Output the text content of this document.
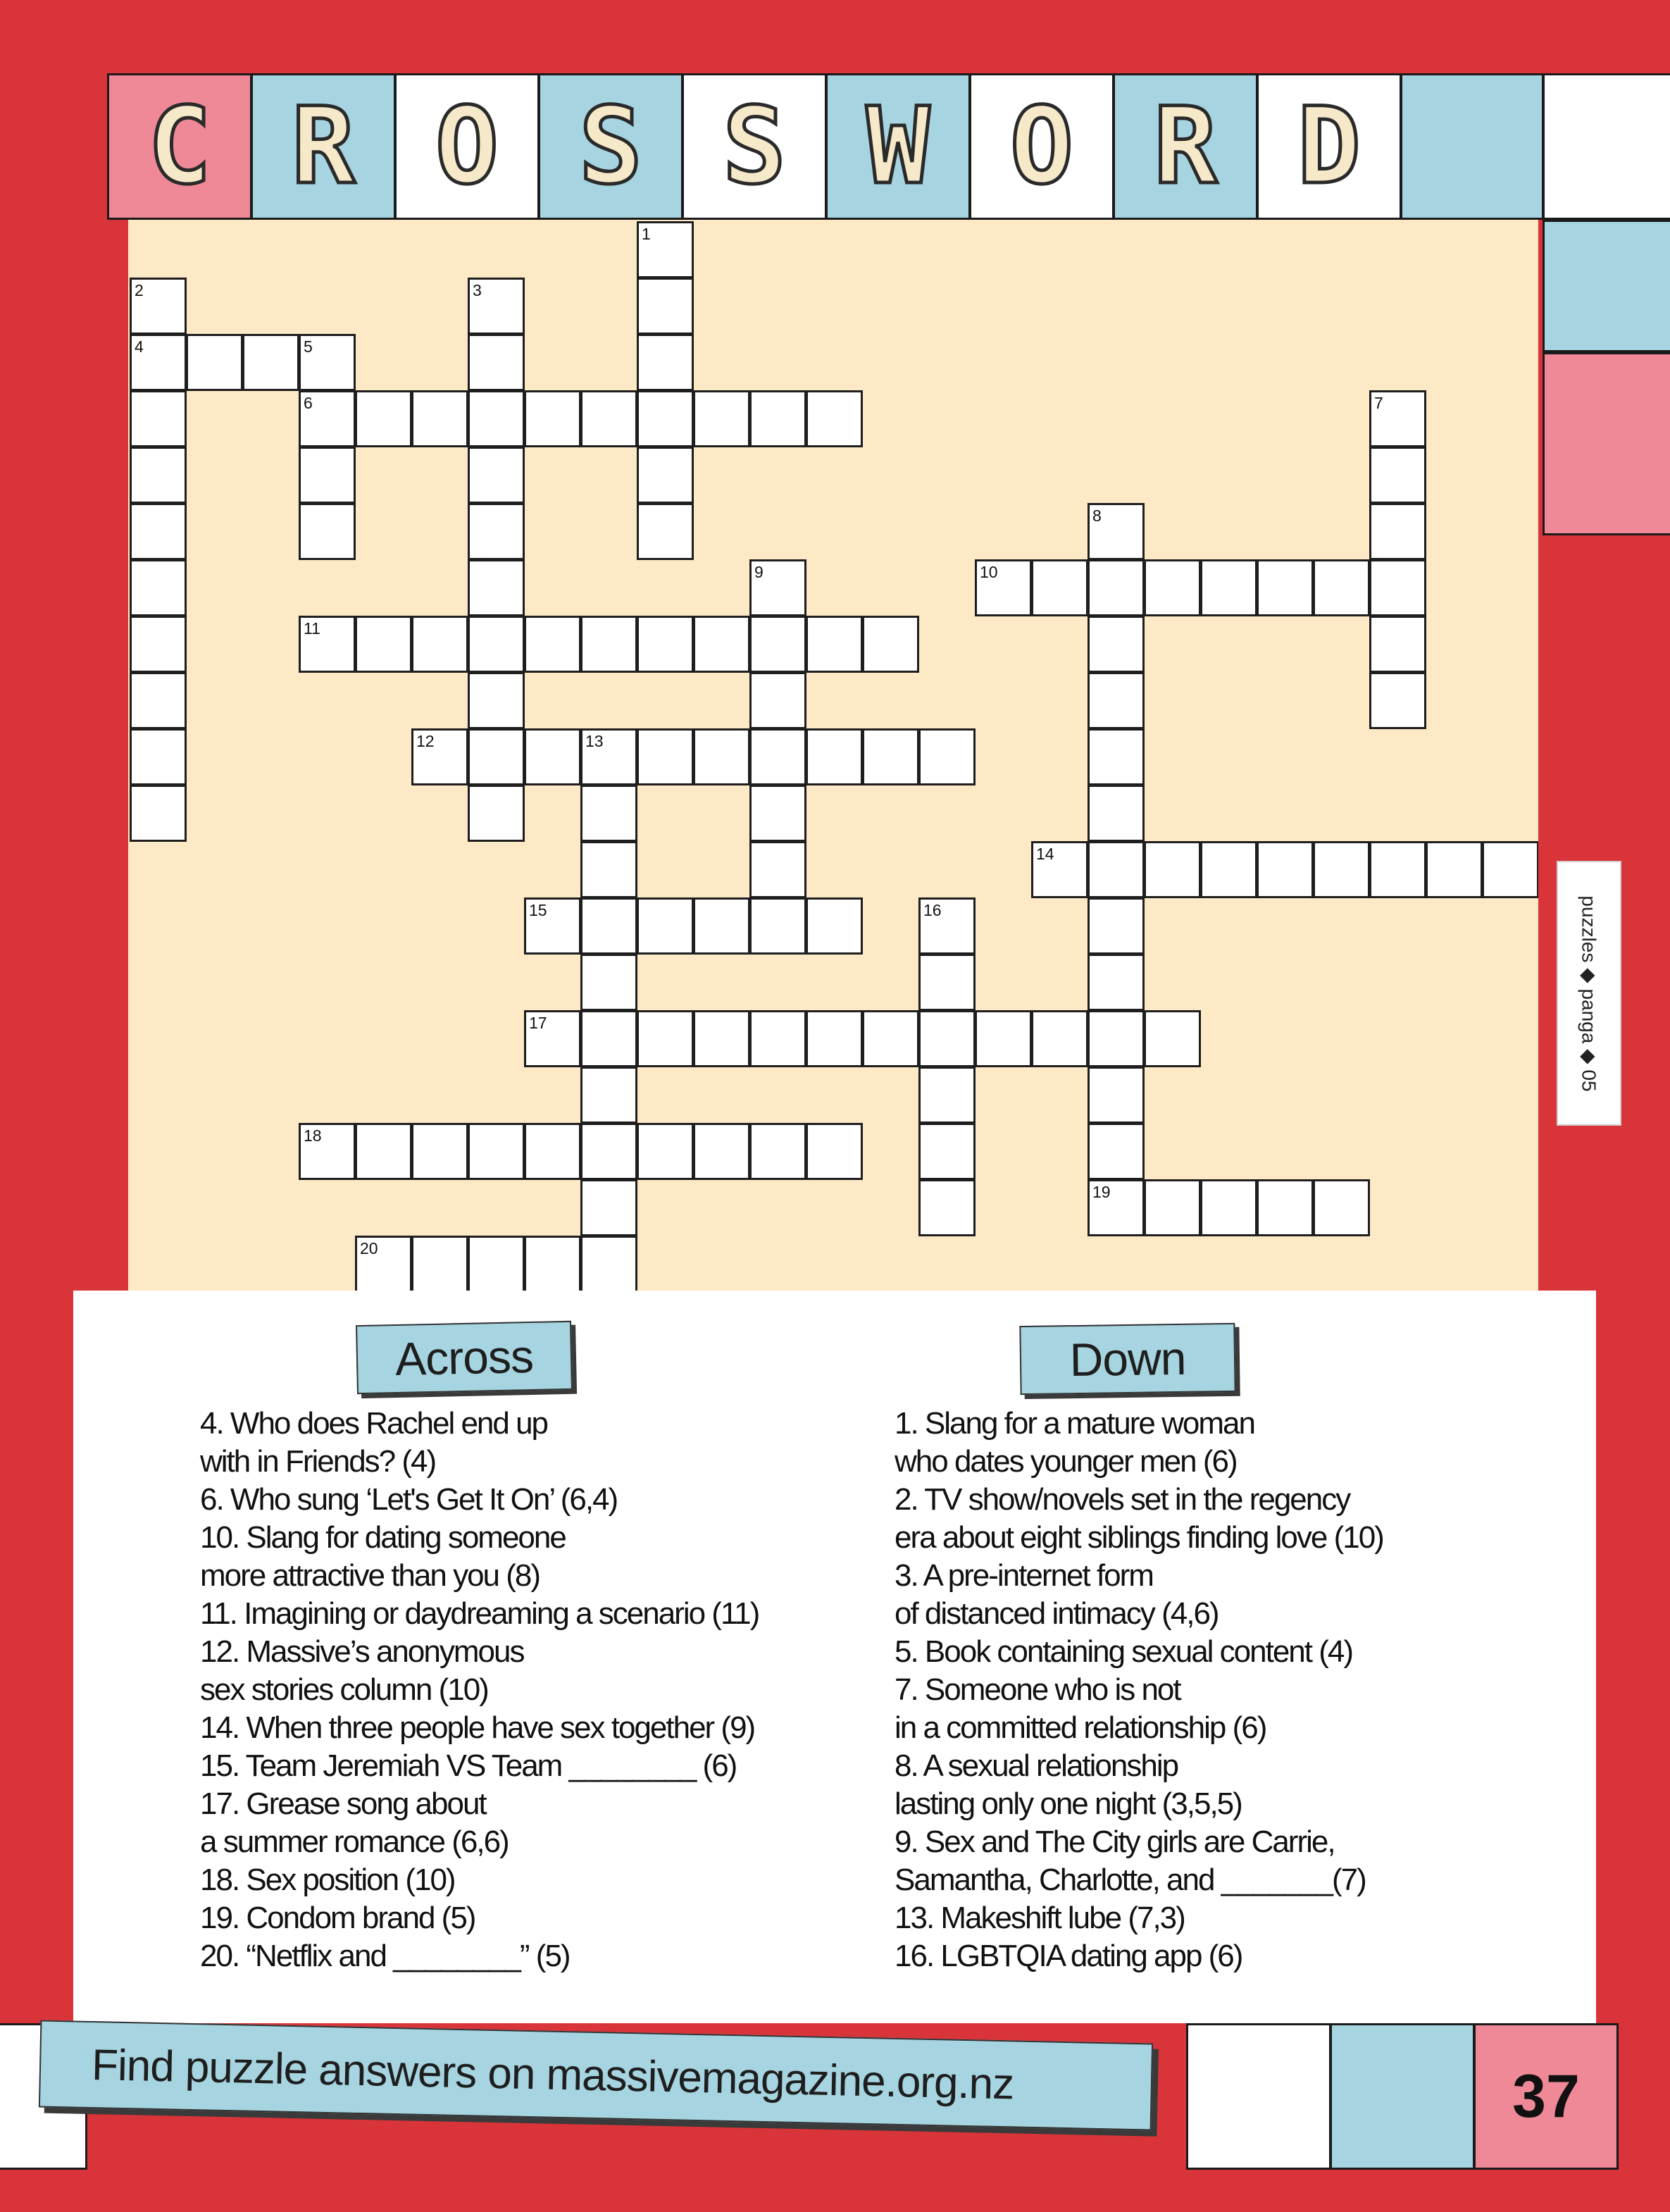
C R O S S W O R D
1
2	3
4	5
6	7
8
9	10
11
12	13
14
15	16
17
18
19
20
puzzles ◆ panga ◆ 05
Across	Down
4. Who does Rachel end up
with in Friends? (4)
6. Who sung ‘Let's Get It On’ (6,4)
10. Slang for dating someone
more attractive than you (8)
11. Imagining or daydreaming a scenario (11)
12. Massive’s anonymous
sex stories column (10)
14. When three people have sex together (9)
15. Team Jeremiah VS Team ________ (6)
17. Grease song about
a summer romance (6,6)
18. Sex position (10)
19. Condom brand (5)
20. “Netflix and ________” (5)
1. Slang for a mature woman
who dates younger men (6)
2. TV show/novels set in the regency
era about eight siblings finding love (10)
3. A pre-internet form
of distanced intimacy (4,6)
5. Book containing sexual content (4)
7. Someone who is not
in a committed relationship (6)
8. A sexual relationship
lasting only one night (3,5,5)
9. Sex and The City girls are Carrie,
Samantha, Charlotte, and _______(7)
13. Makeshift lube (7,3)
16. LGBTQIA dating app (6)
37
Find puzzle answers on massivemagazine.org.nz
